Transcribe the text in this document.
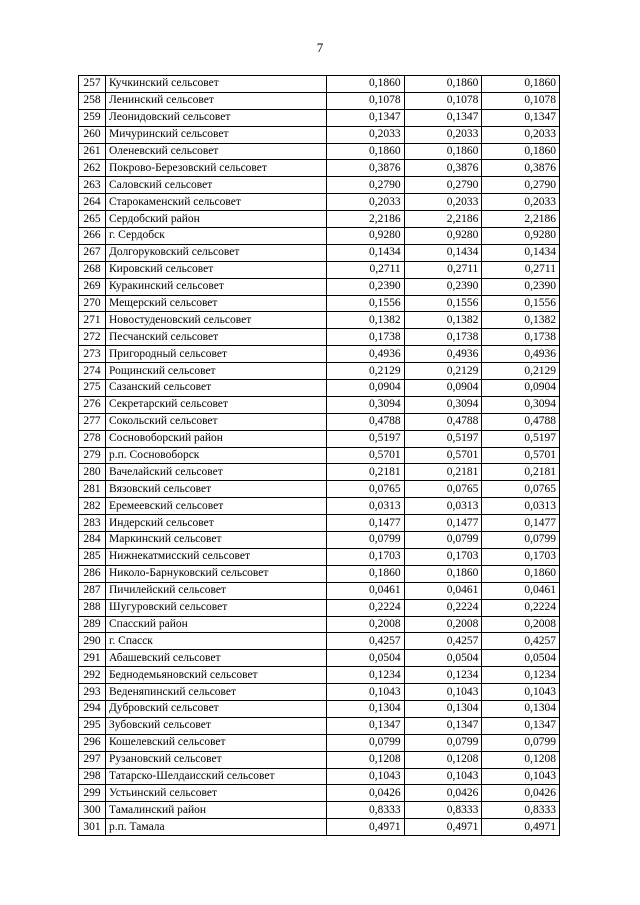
7
257	Кучкинский сельсовет	0,1860	0,1860	0,1860
258	Ленинский сельсовет	0,1078	0,1078	0,1078
259	Леонидовский сельсовет	0,1347	0,1347	0,1347
260	Мичуринский сельсовет	0,2033	0,2033	0,2033
261	Оленевский сельсовет	0,1860	0,1860	0,1860
262	Покрово-Березовский сельсовет	0,3876	0,3876	0,3876
263	Саловский сельсовет	0,2790	0,2790	0,2790
264	Старокаменский сельсовет	0,2033	0,2033	0,2033
265	Сердобский район	2,2186	2,2186	2,2186
266	г. Сердобск	0,9280	0,9280	0,9280
267	Долгоруковский сельсовет	0,1434	0,1434	0,1434
268	Кировский сельсовет	0,2711	0,2711	0,2711
269	Куракинский сельсовет	0,2390	0,2390	0,2390
270	Мещерский сельсовет	0,1556	0,1556	0,1556
271	Новостуденовский сельсовет	0,1382	0,1382	0,1382
272	Песчанский сельсовет	0,1738	0,1738	0,1738
273	Пригородный сельсовет	0,4936	0,4936	0,4936
274	Рощинский сельсовет	0,2129	0,2129	0,2129
275	Сазанский сельсовет	0,0904	0,0904	0,0904
276	Секретарский сельсовет	0,3094	0,3094	0,3094
277	Сокольский сельсовет	0,4788	0,4788	0,4788
278	Сосновоборский район	0,5197	0,5197	0,5197
279	р.п. Сосновоборск	0,5701	0,5701	0,5701
280	Вачелайский сельсовет	0,2181	0,2181	0,2181
281	Вязовский сельсовет	0,0765	0,0765	0,0765
282	Еремеевский сельсовет	0,0313	0,0313	0,0313
283	Индерский сельсовет	0,1477	0,1477	0,1477
284	Маркинский сельсовет	0,0799	0,0799	0,0799
285	Нижнекатмисский сельсовет	0,1703	0,1703	0,1703
286	Николо-Барнуковский сельсовет	0,1860	0,1860	0,1860
287	Пичилейский сельсовет	0,0461	0,0461	0,0461
288	Шугуровский сельсовет	0,2224	0,2224	0,2224
289	Спасский район	0,2008	0,2008	0,2008
290	г. Спасск	0,4257	0,4257	0,4257
291	Абашевский сельсовет	0,0504	0,0504	0,0504
292	Беднодемьяновский сельсовет	0,1234	0,1234	0,1234
293	Веденяпинский сельсовет	0,1043	0,1043	0,1043
294	Дубровский сельсовет	0,1304	0,1304	0,1304
295	Зубовский сельсовет	0,1347	0,1347	0,1347
296	Кошелевский сельсовет	0,0799	0,0799	0,0799
297	Рузановский сельсовет	0,1208	0,1208	0,1208
298	Татарско-Шелдаисский сельсовет	0,1043	0,1043	0,1043
299	Устьинский сельсовет	0,0426	0,0426	0,0426
300	Тамалинский район	0,8333	0,8333	0,8333
301	р.п. Тамала	0,4971	0,4971	0,4971
